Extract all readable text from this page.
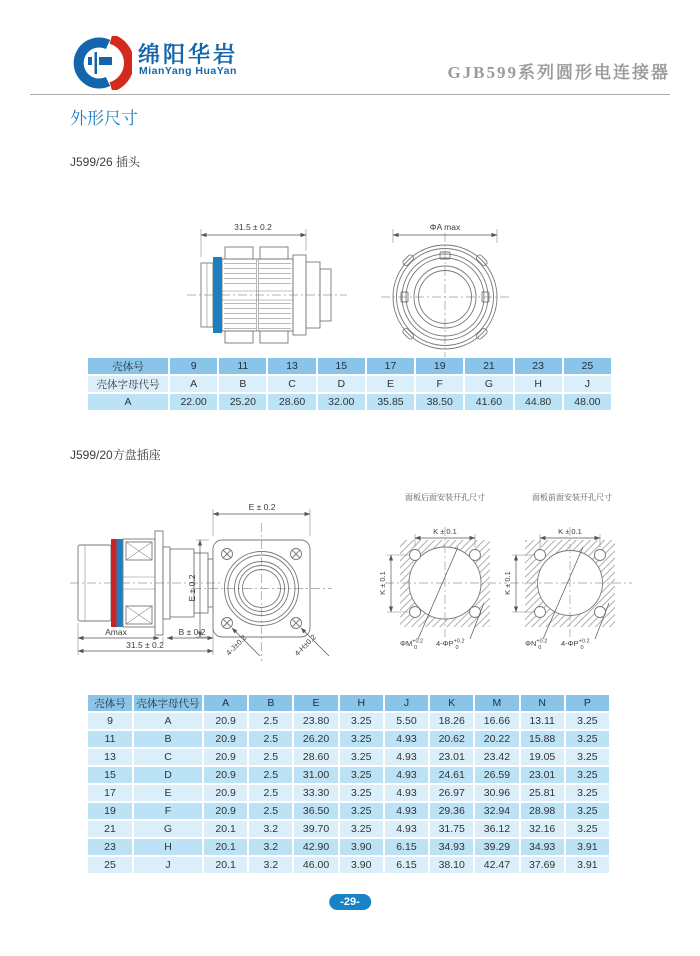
绵阳华岩
MianYang HuaYan	GJB599系列圆形电连接器
外形尺寸
J599/26 插头
31.5 ± 0.2	ΦA max
壳体号	9	11	13	15	17	19	21	23	25
壳体字母代号	A	B	C	D	E	F	G	H	J
A	22.00	25.20	28.60	32.00	35.85	38.50	41.60	44.80	48.00
J599/20方盘插座
面板后面安装开孔尺寸	面板前面安装开孔尺寸
Amax	B ± 0.2
31.5 ± 0.2
E ± 0.2
E ± 0.2
4-J±0.2	4-H±0.2
K ± 0.1
K ± 0.1
$\Phi M^{+0.2}$ 0	$4-\Phi P^{+0.2}$ 0
K ± 0.1
K ± 0.1
$\Phi N^{+0.2}$ 0	$4-\Phi P^{+0.2}$ 0
壳体号	壳体字母代号	A	B	E	H	J	K	M	N	P
9	A	20.9	2.5	23.80	3.25	5.50	18.26	16.66	13.11	3.25
11	B	20.9	2.5	26.20	3.25	4.93	20.62	20.22	15.88	3.25
13	C	20.9	2.5	28.60	3.25	4.93	23.01	23.42	19.05	3.25
15	D	20.9	2.5	31.00	3.25	4.93	24.61	26.59	23.01	3.25
17	E	20.9	2.5	33.30	3.25	4.93	26.97	30.96	25.81	3.25
19	F	20.9	2.5	36.50	3.25	4.93	29.36	32.94	28.98	3.25
21	G	20.1	3.2	39.70	3.25	4.93	31.75	36.12	32.16	3.25
23	H	20.1	3.2	42.90	3.90	6.15	34.93	39.29	34.93	3.91
25	J	20.1	3.2	46.00	3.90	6.15	38.10	42.47	37.69	3.91
-29-
